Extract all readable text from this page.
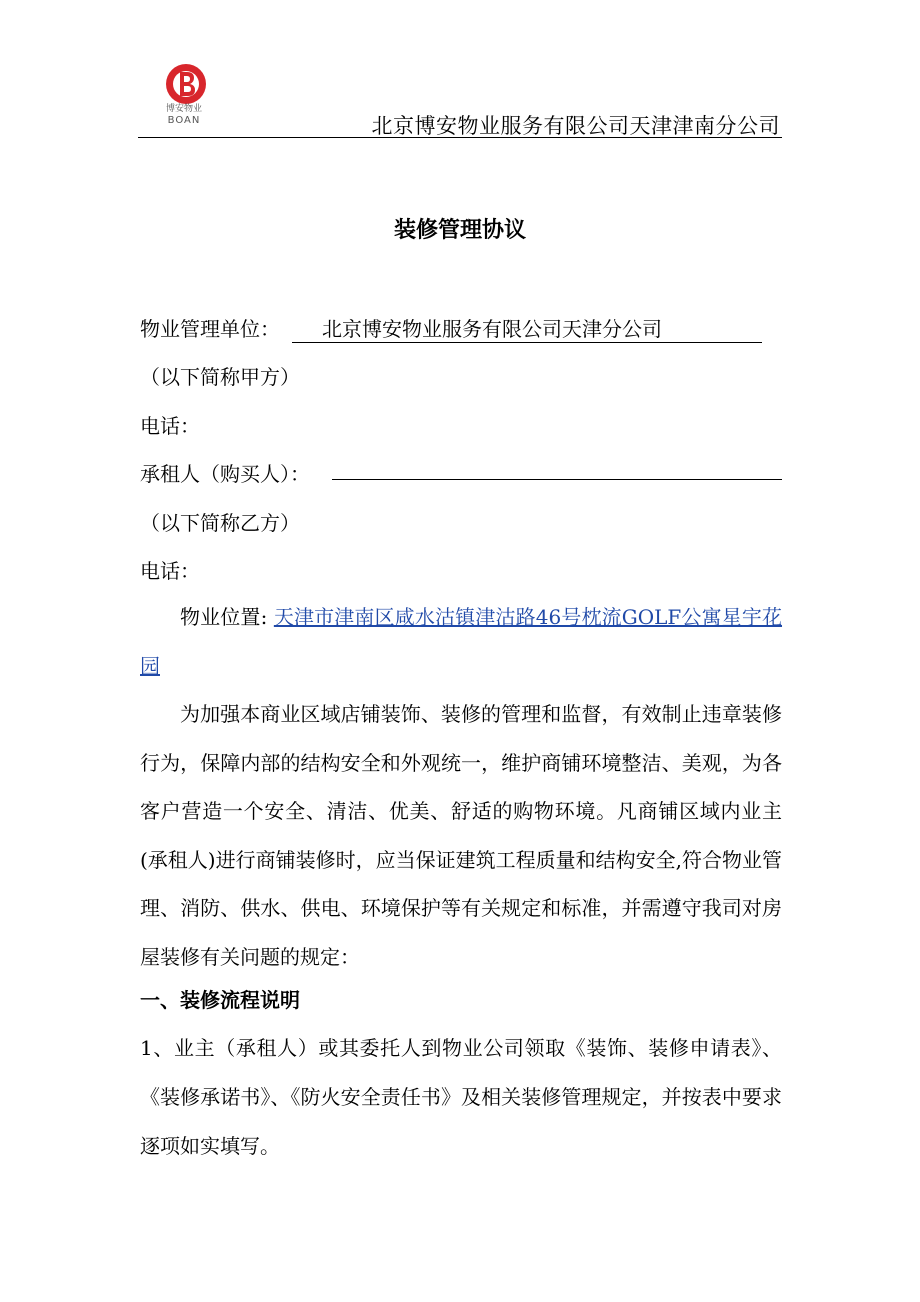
博安物业
BOAN	北京博安物业服务有限公司天津津南分公司
装修管理协议
物业管理单位： 北京博安物业服务有限公司天津分公司
（以下简称甲方）
电话：
承租人（购买人）：
（以下简称乙方）
电话：

物业位置: 天津市津南区咸水沽镇津沽路46号枕流GOLF公寓星宇花园

为加强本商业区域店铺装饰、装修的管理和监督，有效制止违章装修行为，保障内部的结构安全和外观统一，维护商铺环境整洁、美观，为各客户营造一个安全、清洁、优美、舒适的购物环境。凡商铺区域内业主(承租人)进行商铺装修时，应当保证建筑工程质量和结构安全,符合物业管理、消防、供水、供电、环境保护等有关规定和标准，并需遵守我司对房屋装修有关问题的规定：

一、装修流程说明

1、业主（承租人）或其委托人到物业公司领取《装饰、装修申请表》、《装修承诺书》、《防火安全责任书》及相关装修管理规定，并按表中要求逐项如实填写。
